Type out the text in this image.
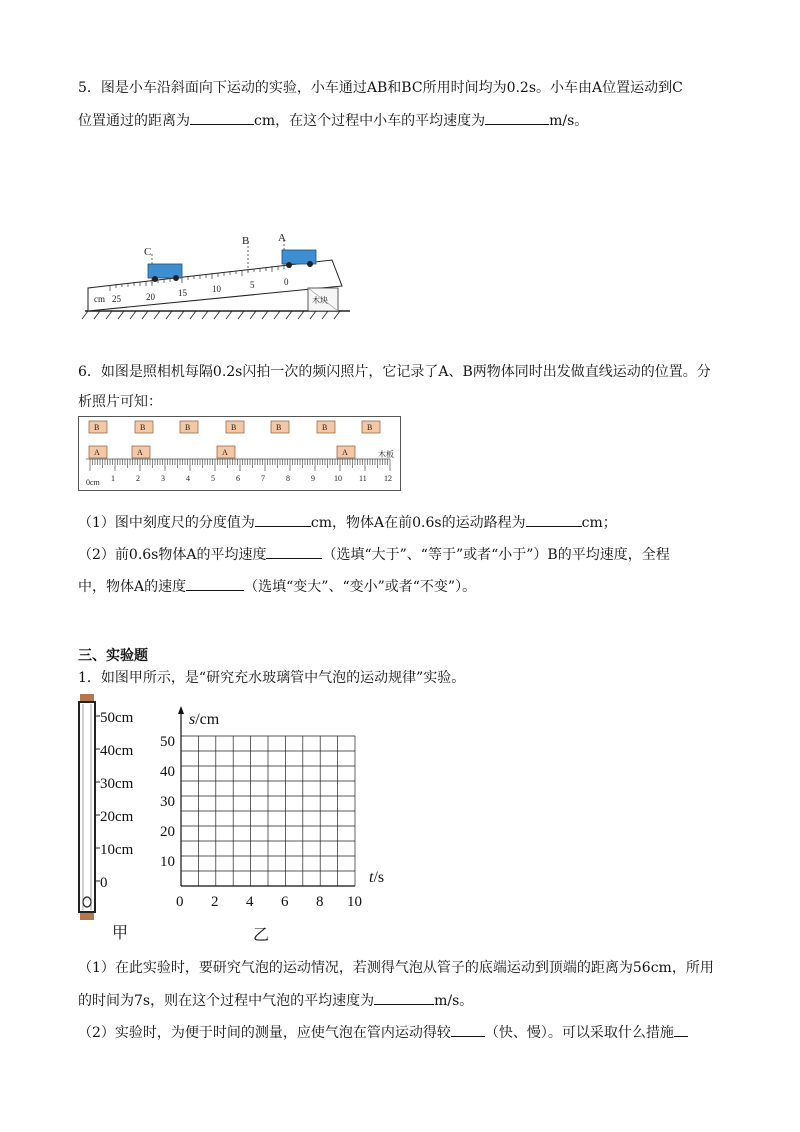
5．图是小车沿斜面向下运动的实验，小车通过AB和BC所用时间均为0.2s。小车由A位置运动到C
位置通过的距离为	cm，在这个过程中小车的平均速度为	m/s。
木块
cm 25	20	15	10	5	0
C
B	A
6．如图是照相机每隔0.2s闪拍一次的频闪照片，它记录了A、B两物体同时出发做直线运动的位置。分
析照片可知：
B	B	B	B	B	B	B
A	A	A	A	木板
0cm 1	2	3	4	5	6	7	8	9 10 11 12
（1）图中刻度尺的分度值为	cm，物体A在前0.6s的运动路程为	cm；
（2）前0.6s物体A的平均速度	（选填“大于”、“等于”或者“小于”）B的平均速度，全程
中，物体A的速度	（选填“变大”、“变小”或者“不变”）。
三、实验题
1．如图甲所示，是“研究充水玻璃管中气泡的运动规律”实验。
50cm
40cm
30cm
20cm
10cm
0
甲
s/cm
50
40
30
20
10
0 2 4 6 8 10
t/s
乙
（1）在此实验时，要研究气泡的运动情况，若测得气泡从管子的底端运动到顶端的距离为56cm，所用
的时间为7s，则在这个过程中气泡的平均速度为	m/s。
（2）实验时，为便于时间的测量，应使气泡在管内运动得较 （快、慢）。可以采取什么措施
